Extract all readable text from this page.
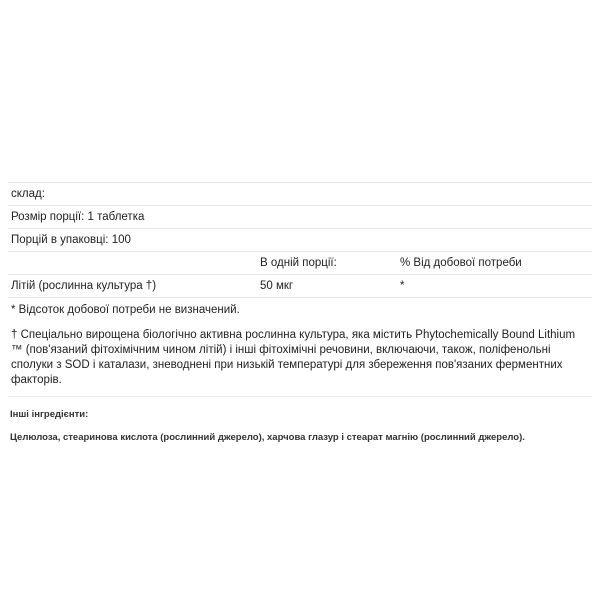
склад:		
Розмір порції: 1 таблетка		
Порцій в упаковці: 100		
	В одній порції:	% Від добової потреби
Літій (рослинна культура †)	50 мкг	*
* Відсоток добової потреби не визначений.
† Спеціально вирощена біологічно активна рослинна культура, яка містить Phytochemically Bound Lithium ™ (пов'язаний фітохімічним чином літій) і інші фітохімічні речовини, включаючи, також, поліфенольні сполуки з SOD і каталази, зневоднені при низькій температурі для збереження пов'язаних ферментних факторів.
Інші інгредієнти:
Целюлоза, стеаринова кислота (рослинний джерело), харчова глазур і стеарат магнію (рослинний джерело).
